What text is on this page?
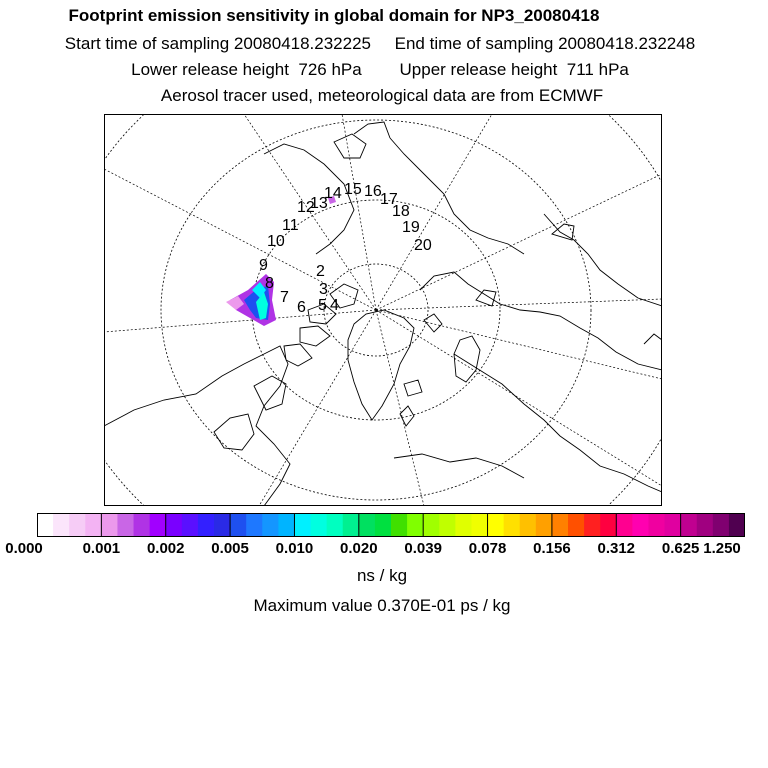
Footprint emission sensitivity in global domain for NP3_20080418
Start time of sampling 20080418.232225     End time of sampling 20080418.232248
Lower release height  726 hPa        Upper release height  711 hPa
Aerosol tracer used, meteorological data are from ECMWF
2
3
4
5
6
7
8
9
10
11
12
13
14 15 16
17
18
19
20
0.000	0.001 0.002 0.005 0.010 0.020 0.039 0.078 0.156 0.312 0.625 1.250
ns / kg
Maximum value 0.370E-01 ps / kg
